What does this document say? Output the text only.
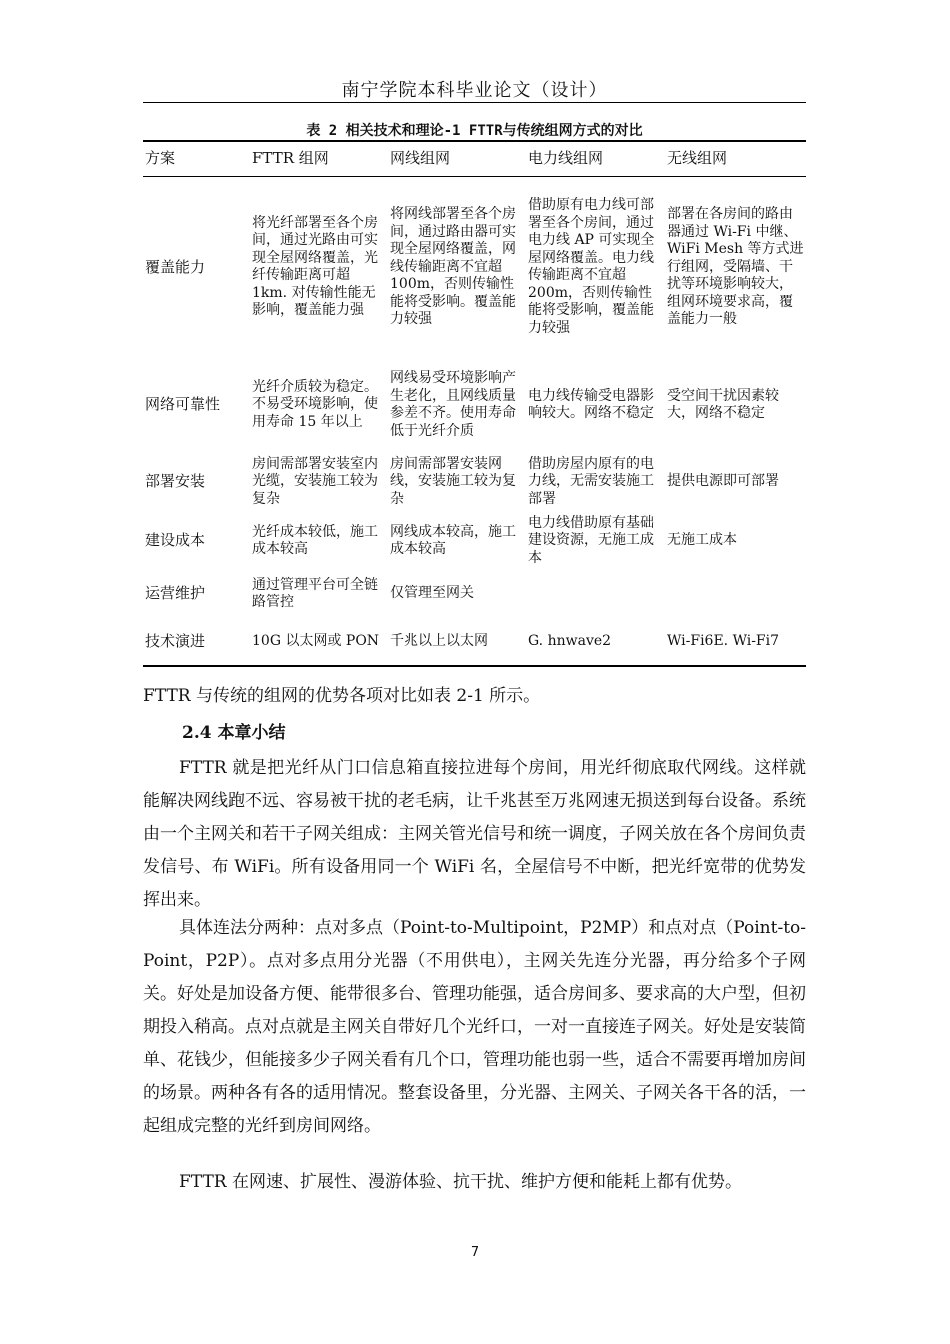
南宁学院本科毕业论文（设计）
表 2 相关技术和理论-1 FTTR与传统组网方式的对比
方案	FTTR 组网	网线组网	电力线组网	无线组网
覆盖能力	将光纤部署至各个房间，通过光路由可实现全屋网络覆盖，光纤传输距离可超 1km. 对传输性能无影响，覆盖能力强	将网线部署至各个房间，通过路由器可实现全屋网络覆盖，网线传输距离不宜超 100m，否则传输性能将受影响。覆盖能力较强	借助原有电力线可部署至各个房间，通过电力线 AP 可实现全屋网络覆盖。电力线传输距离不宜超 200m，否则传输性能将受影响，覆盖能力较强	部署在各房间的路由器通过 Wi-Fi 中继、WiFi Mesh 等方式进行组网，受隔墙、干扰等环境影响较大，组网环境要求高，覆盖能力一般
网络可靠性	光纤介质较为稳定。不易受环境影响，使用寿命 15 年以上	网线易受环境影响产生老化，且网线质量参差不齐。使用寿命低于光纤介质	电力线传输受电器影响较大。网络不稳定	受空间干扰因素较大，网络不稳定
部署安装	房间需部署安装室内光缆，安装施工较为复杂	房间需部署安装网线，安装施工较为复杂	借助房屋内原有的电力线，无需安装施工部署	提供电源即可部署
建设成本	光纤成本较低，施工成本较高	网线成本较高，施工成本较高	电力线借助原有基础建设资源，无施工成本	无施工成本
运营维护	通过管理平台可全链路管控	仅管理至网关		
技术演进	10G 以太网或 PON	千兆以上以太网	G. hnwave2	Wi-Fi6E. Wi-Fi7

FTTR 与传统的组网的优势各项对比如表 2-1 所示。

2.4 本章小结

FTTR 就是把光纤从门口信息箱直接拉进每个房间，用光纤彻底取代网线。这样就能解决网线跑不远、容易被干扰的老毛病，让千兆甚至万兆网速无损送到每台设备。系统由一个主网关和若干子网关组成：主网关管光信号和统一调度，子网关放在各个房间负责发信号、布 WiFi。所有设备用同一个 WiFi 名，全屋信号不中断，把光纤宽带的优势发挥出来。

具体连法分两种：点对多点（Point-to-Multipoint，P2MP）和点对点（Point-to-Point，P2P）。点对多点用分光器（不用供电），主网关先连分光器，再分给多个子网关。好处是加设备方便、能带很多台、管理功能强，适合房间多、要求高的大户型，但初期投入稍高。点对点就是主网关自带好几个光纤口，一对一直接连子网关。好处是安装简单、花钱少，但能接多少子网关看有几个口，管理功能也弱一些，适合不需要再增加房间的场景。两种各有各的适用情况。整套设备里，分光器、主网关、子网关各干各的活，一起组成完整的光纤到房间网络。

FTTR 在网速、扩展性、漫游体验、抗干扰、维护方便和能耗上都有优势。

7
